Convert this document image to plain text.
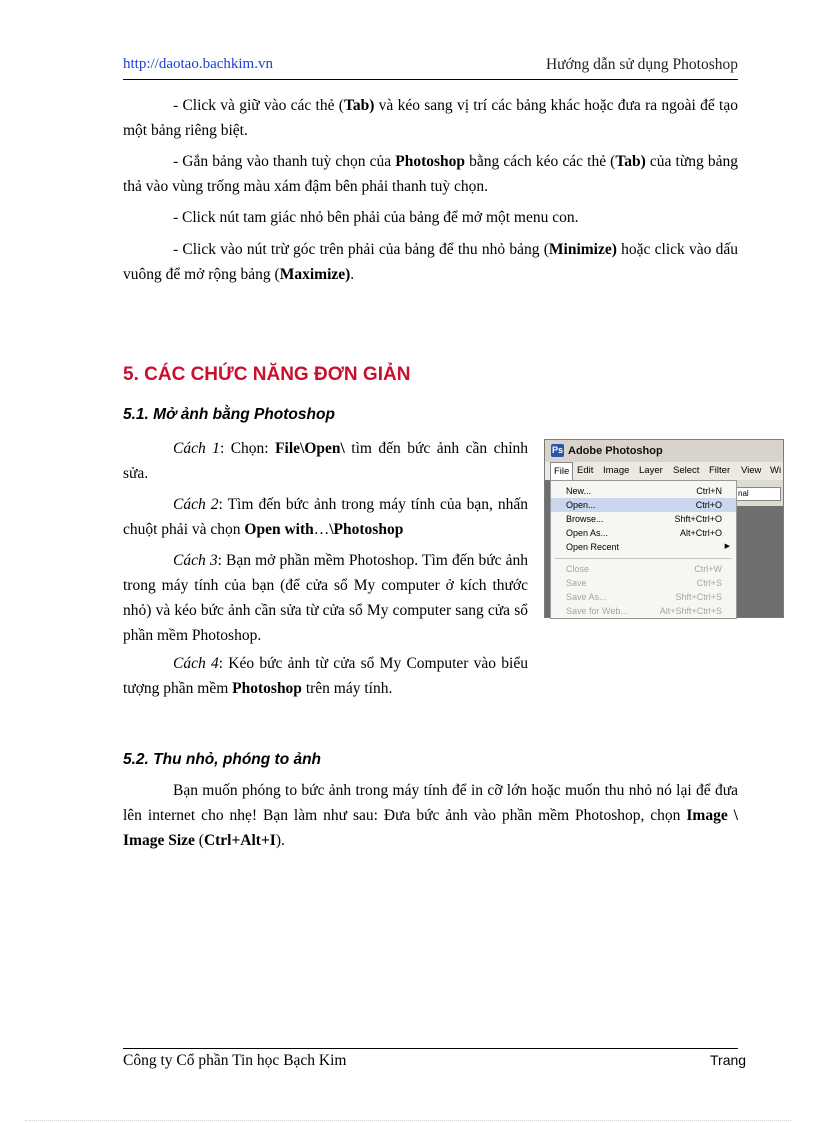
http://daotao.bachkim.vn	Hướng dẫn sử dụng Photoshop

- Click và giữ vào các thẻ (Tab) và kéo sang vị trí các bảng khác hoặc đưa ra ngoài để tạo một bảng riêng biệt.

- Gắn bảng vào thanh tuỳ chọn của Photoshop bằng cách kéo các thẻ (Tab) của từng bảng thả vào vùng trống màu xám đậm bên phải thanh tuỳ chọn.

- Click nút tam giác nhỏ bên phải của bảng để mở một menu con.

- Click vào nút trừ góc trên phải của bảng để thu nhỏ bảng (Minimize) hoặc click vào dấu vuông để mở rộng bảng (Maximize).

5. CÁC CHỨC NĂNG ĐƠN GIẢN
5.1. Mở ảnh bằng Photoshop

Cách 1: Chọn: File\Open\ tìm đến bức ảnh cần chỉnh sửa.

Cách 2: Tìm đến bức ảnh trong máy tính của bạn, nhấn chuột phải và chọn Open with…\Photoshop

Cách 3: Bạn mở phần mềm Photoshop. Tìm đến bức ảnh trong máy tính của bạn (để cửa sổ My computer ở kích thước nhỏ) và kéo bức ảnh cần sửa từ cửa sổ My computer sang cửa sổ phần mềm Photoshop.

Cách 4: Kéo bức ảnh từ cửa sổ My Computer vào biểu tượng phần mềm Photoshop trên máy tính.

Ps Adobe Photoshop
File Edit Image Layer Select Filter View Wi
nal
New...	Ctrl+N
Open...	Ctrl+O
Browse...	Shft+Ctrl+O
Open As...	Alt+Ctrl+O
Open Recent	▶
Close	Ctrl+W
Save	Ctrl+S
Save As...	Shft+Ctrl+S
Save for Web...	Alt+Shft+Ctrl+S
5.2. Thu nhỏ, phóng to ảnh

Bạn muốn phóng to bức ảnh trong máy tính để in cỡ lớn hoặc muốn thu nhỏ nó lại để đưa lên internet cho nhẹ! Bạn làm như sau: Đưa bức ảnh vào phần mềm Photoshop, chọn Image \ Image Size (Ctrl+Alt+I).

Công ty Cổ phần Tin học Bạch Kim	Trang
